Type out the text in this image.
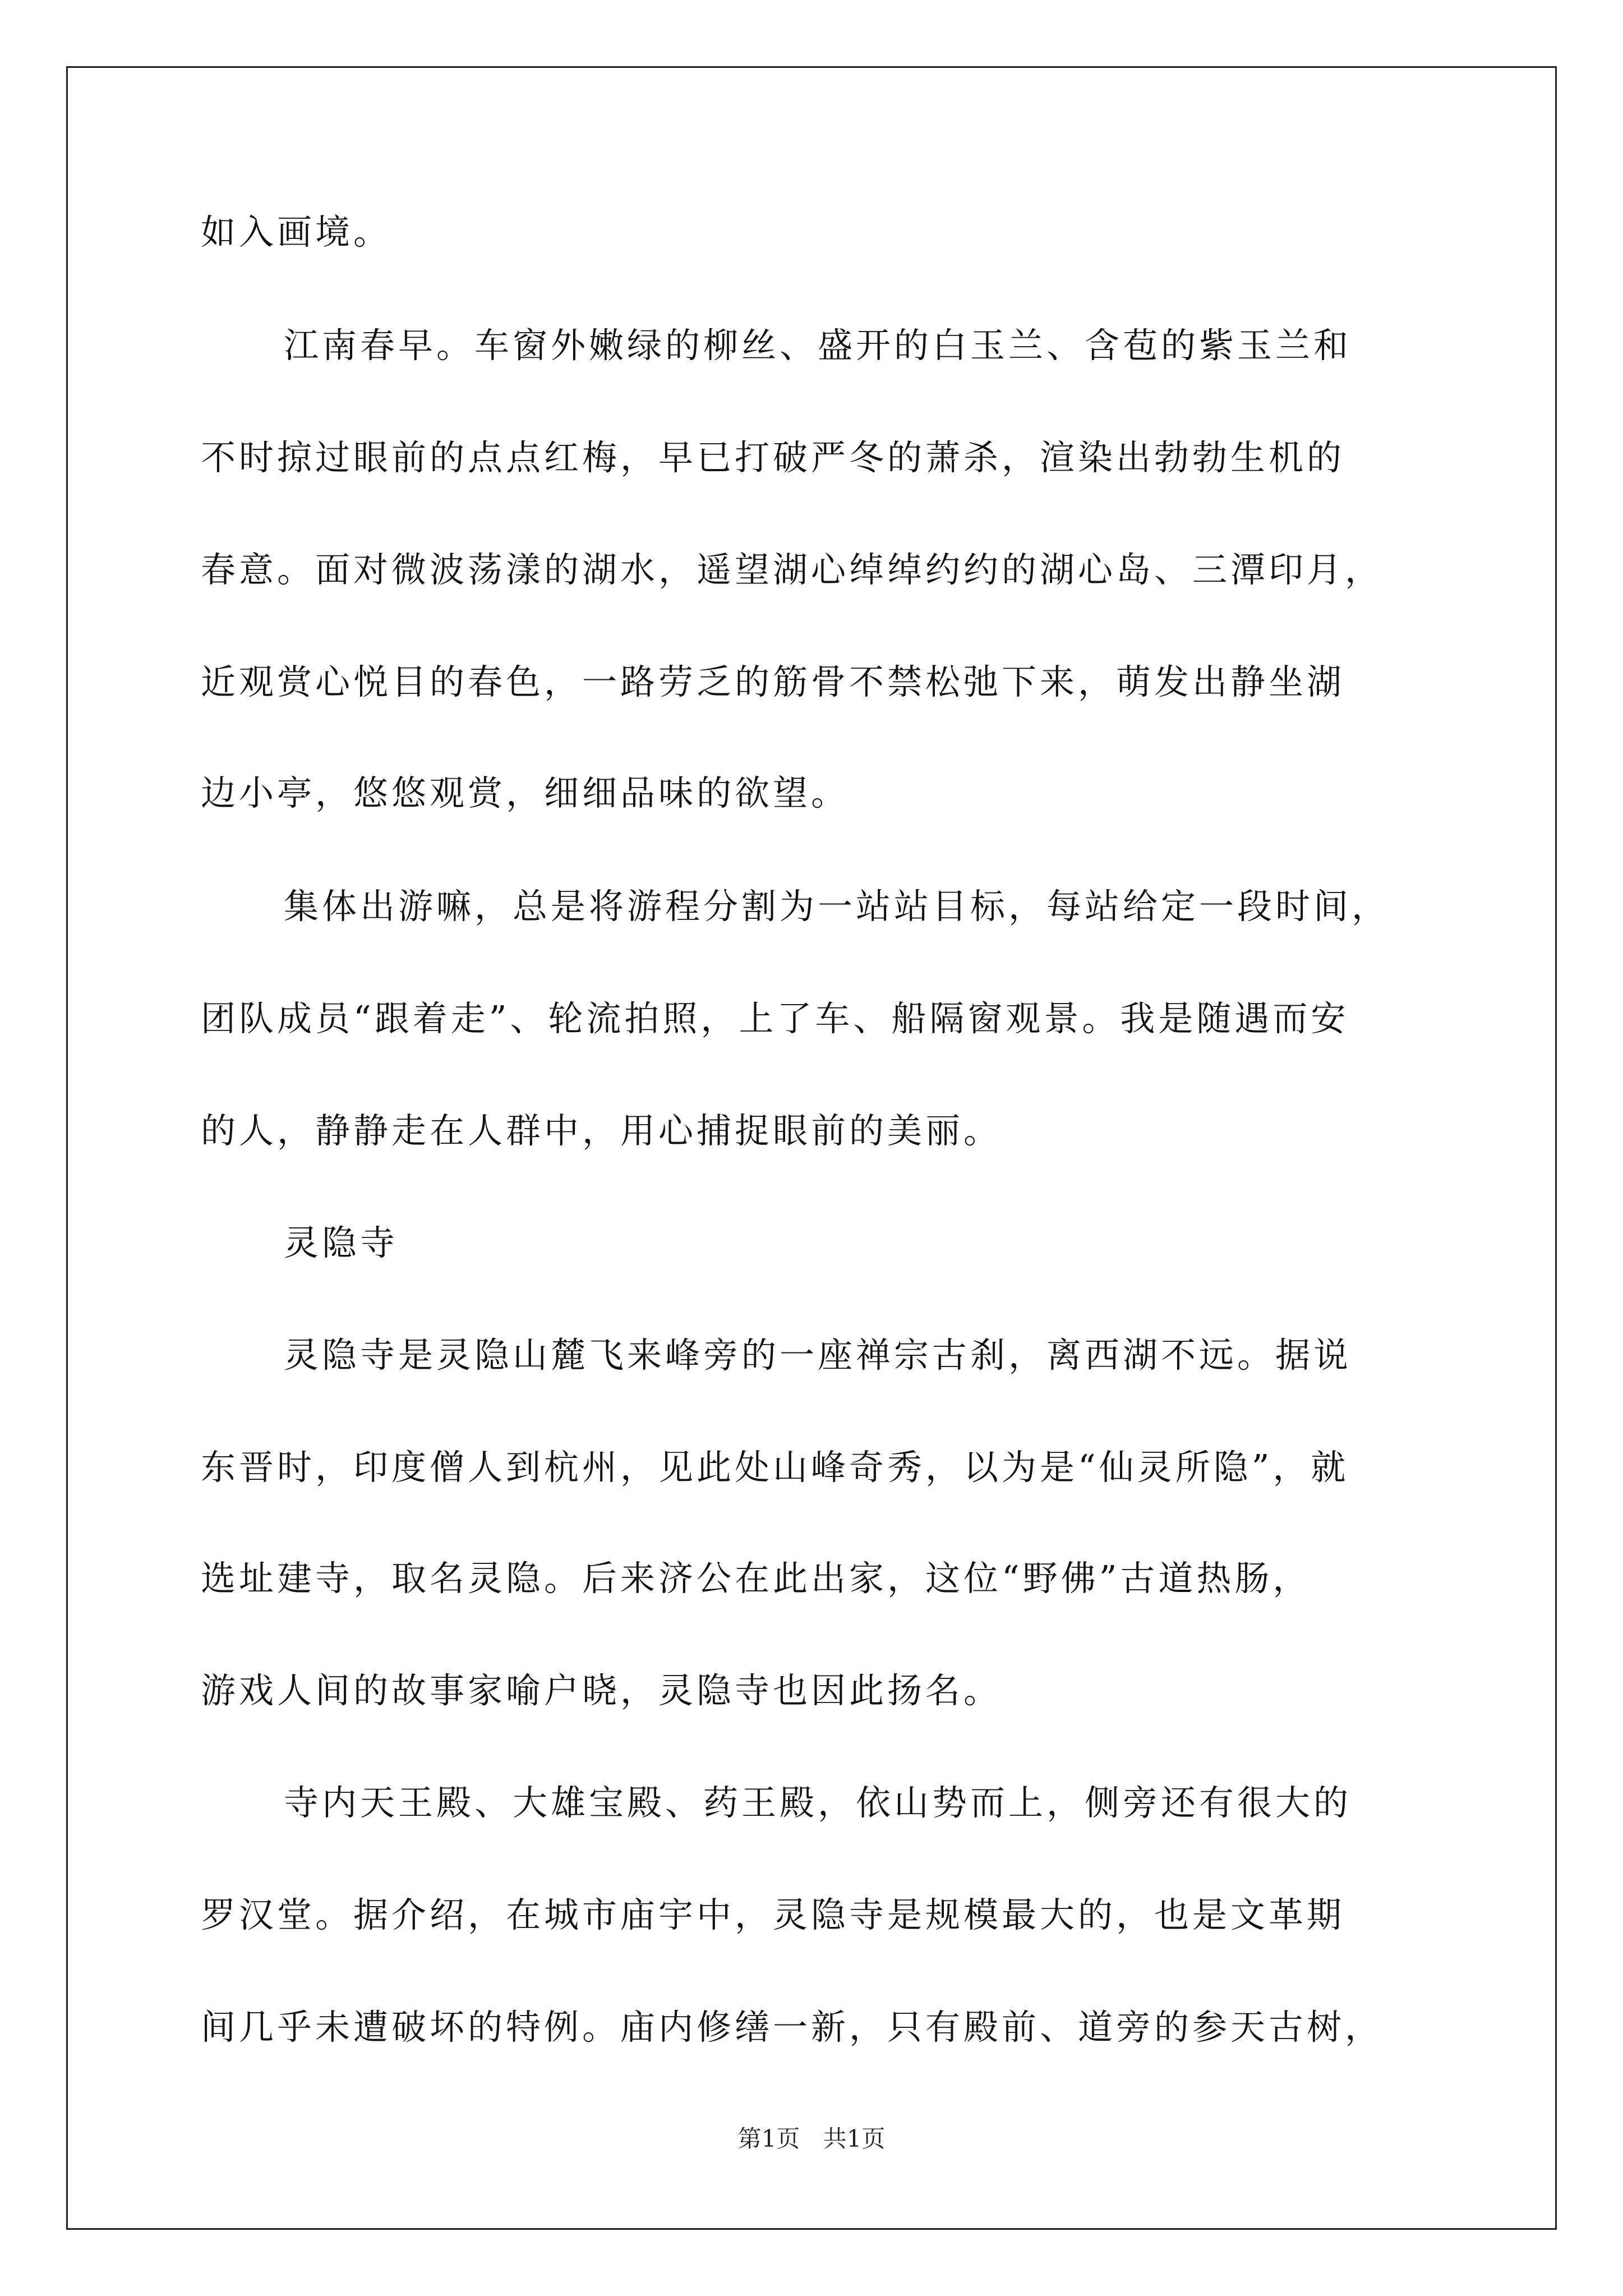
如入画境。
江南春早。车窗外嫩绿的柳丝、盛开的白玉兰、含苞的紫玉兰和
不时掠过眼前的点点红梅，早已打破严冬的萧杀，渲染出勃勃生机的
春意。面对微波荡漾的湖水，遥望湖心绰绰约约的湖心岛、三潭印月，
近观赏心悦目的春色，一路劳乏的筋骨不禁松弛下来，萌发出静坐湖
边小亭，悠悠观赏，细细品味的欲望。
集体出游嘛，总是将游程分割为一站站目标，每站给定一段时间，
团队成员“跟着走”、轮流拍照，上了车、船隔窗观景。我是随遇而安
的人，静静走在人群中，用心捕捉眼前的美丽。
灵隐寺
灵隐寺是灵隐山麓飞来峰旁的一座禅宗古刹，离西湖不远。据说
东晋时，印度僧人到杭州，见此处山峰奇秀，以为是“仙灵所隐”，就
选址建寺，取名灵隐。后来济公在此出家，这位“野佛”古道热肠，
游戏人间的故事家喻户晓，灵隐寺也因此扬名。
寺内天王殿、大雄宝殿、药王殿，依山势而上，侧旁还有很大的
罗汉堂。据介绍，在城市庙宇中，灵隐寺是规模最大的，也是文革期
间几乎未遭破坏的特例。庙内修缮一新，只有殿前、道旁的参天古树，
第1页 共1页
